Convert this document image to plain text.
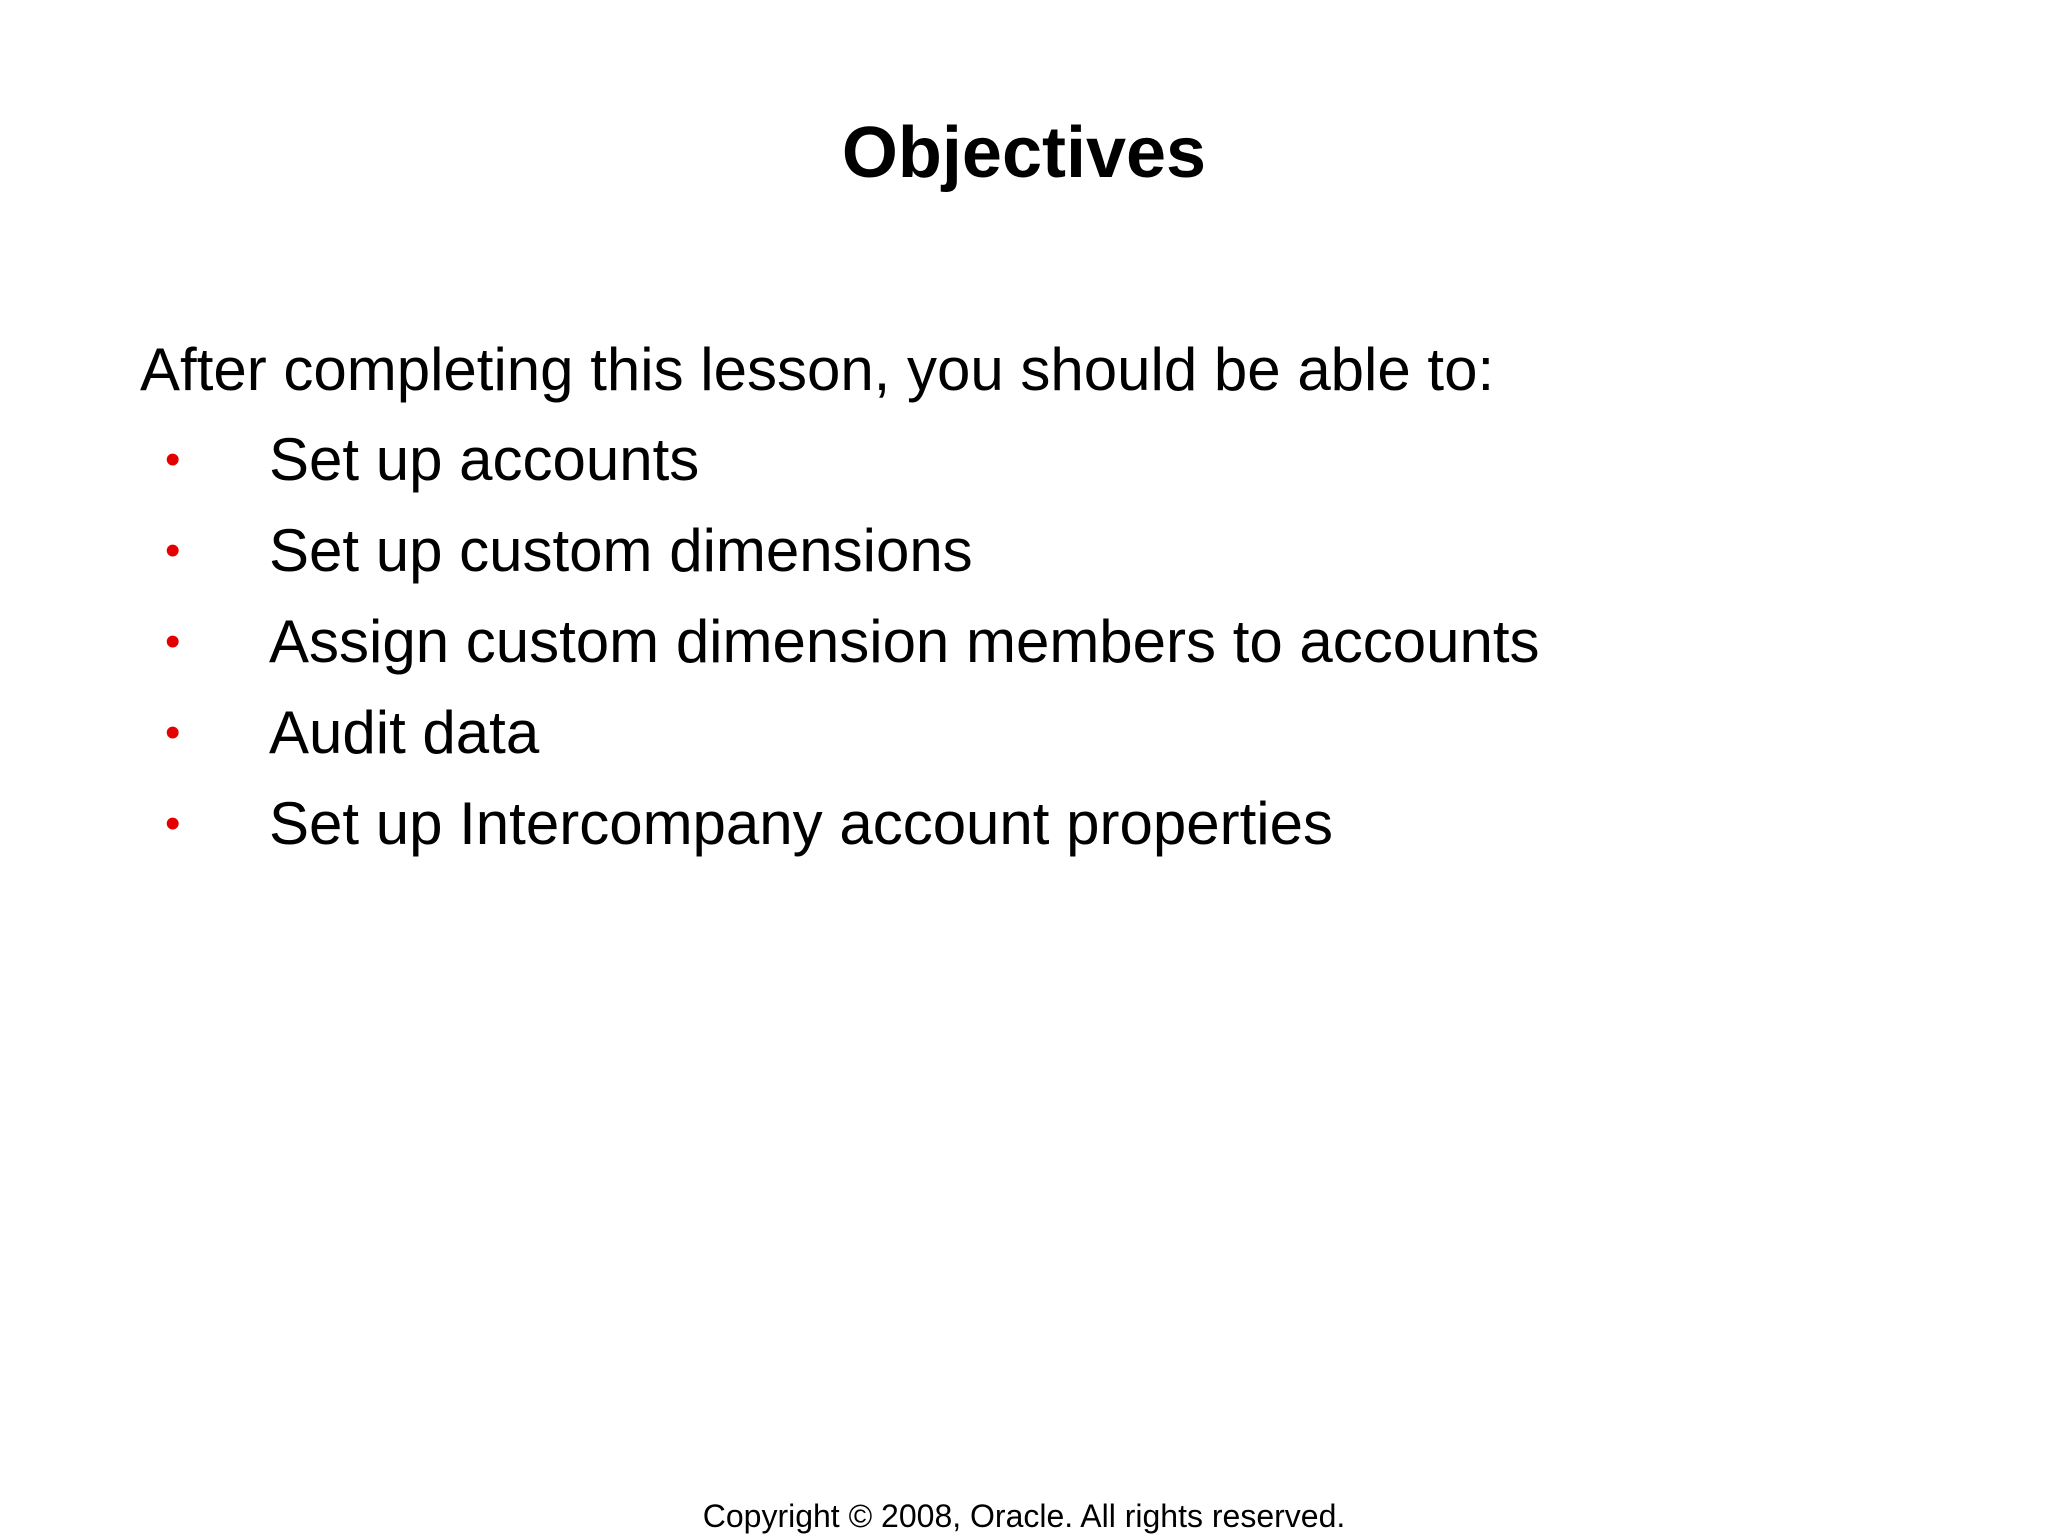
Objectives
After completing this lesson, you should be able to:
• Set up accounts
• Set up custom dimensions
• Assign custom dimension members to accounts
• Audit data
• Set up Intercompany account properties
Copyright © 2008, Oracle. All rights reserved.
